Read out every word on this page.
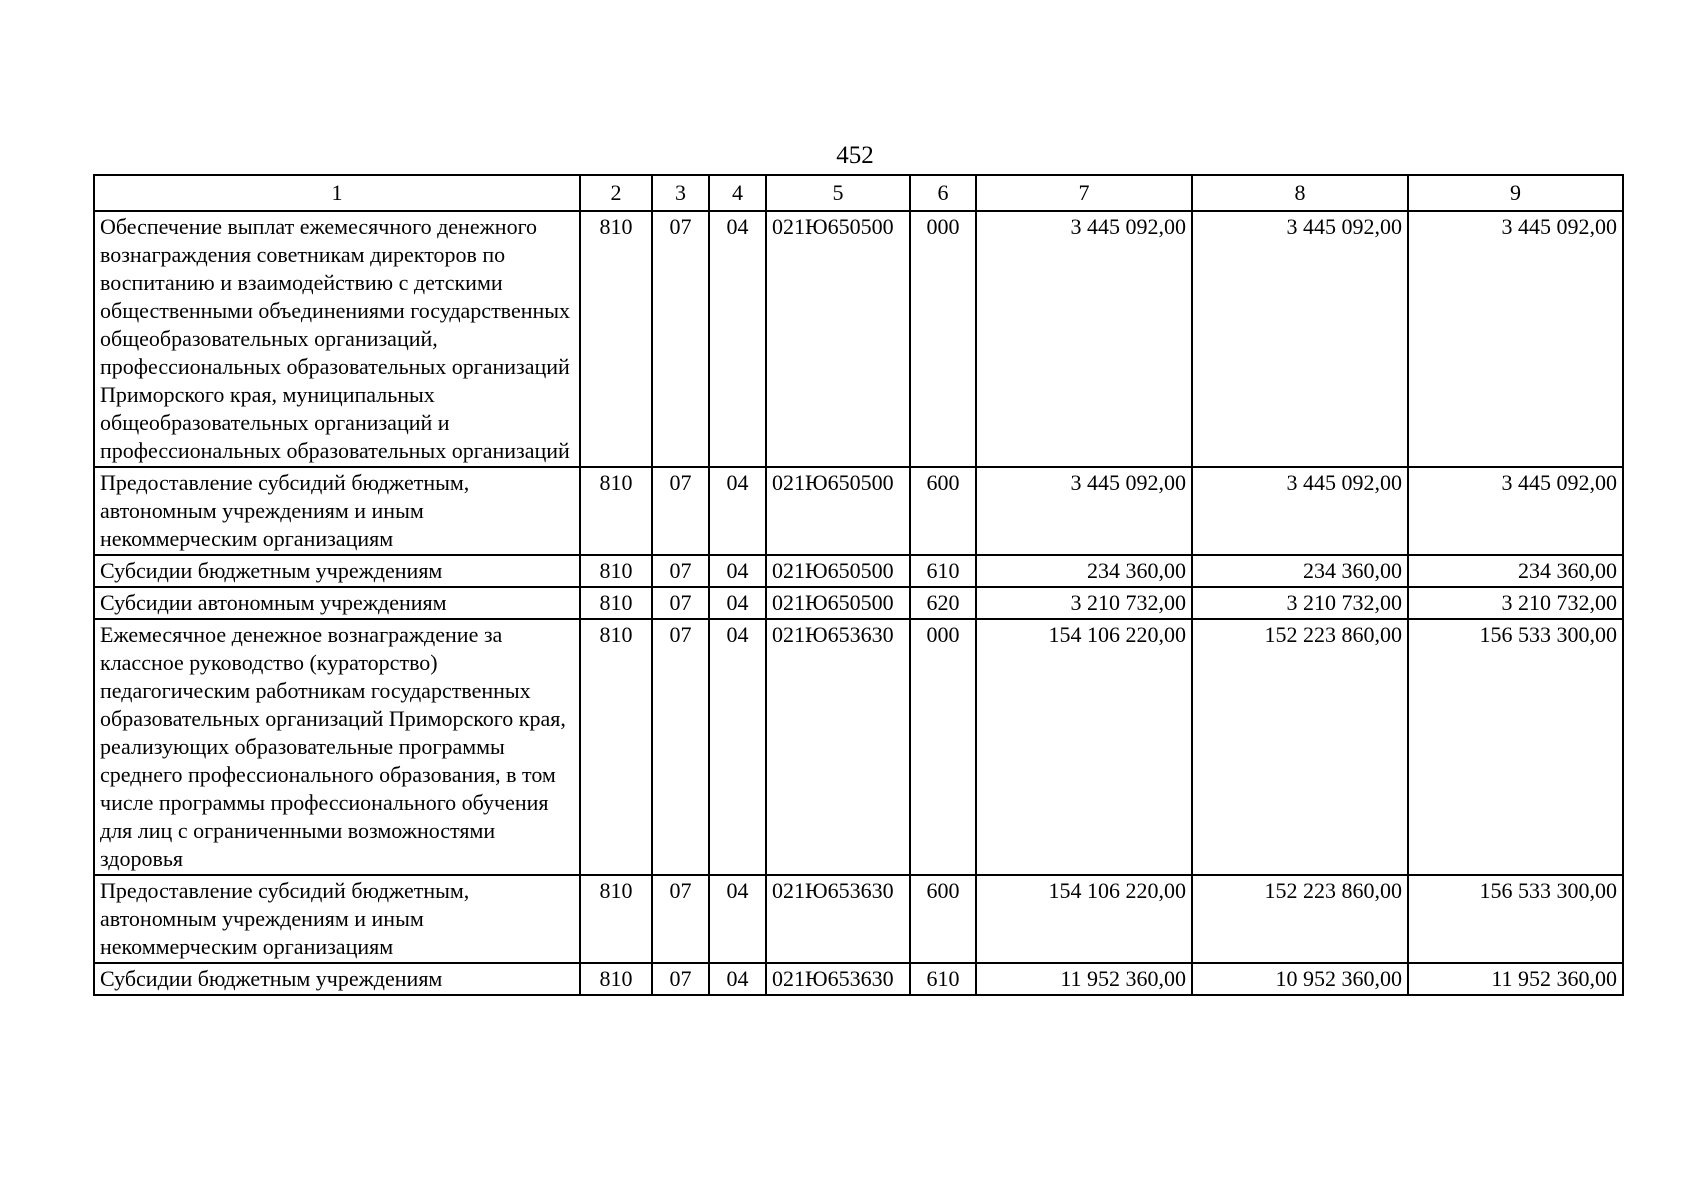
452
1	2	3	4	5	6	7	8	9
Обеспечение выплат ежемесячного денежного вознаграждения советникам директоров по воспитанию и взаимодействию с детскими общественными объединениями государственных общеобразовательных организаций, профессиональных образовательных организаций Приморского края, муниципальных общеобразовательных организаций и профессиональных образовательных организаций	810	07	04	021Ю650500	000	3 445 092,00	3 445 092,00	3 445 092,00
Предоставление субсидий бюджетным, автономным учреждениям и иным некоммерческим организациям	810	07	04	021Ю650500	600	3 445 092,00	3 445 092,00	3 445 092,00
Субсидии бюджетным учреждениям	810	07	04	021Ю650500	610	234 360,00	234 360,00	234 360,00
Субсидии автономным учреждениям	810	07	04	021Ю650500	620	3 210 732,00	3 210 732,00	3 210 732,00
Ежемесячное денежное вознаграждение за классное руководство (кураторство) педагогическим работникам государственных образовательных организаций Приморского края, реализующих образовательные программы среднего профессионального образования, в том числе программы профессионального обучения для лиц с ограниченными возможностями здоровья	810	07	04	021Ю653630	000	154 106 220,00	152 223 860,00	156 533 300,00
Предоставление субсидий бюджетным, автономным учреждениям и иным некоммерческим организациям	810	07	04	021Ю653630	600	154 106 220,00	152 223 860,00	156 533 300,00
Субсидии бюджетным учреждениям	810	07	04	021Ю653630	610	11 952 360,00	10 952 360,00	11 952 360,00
